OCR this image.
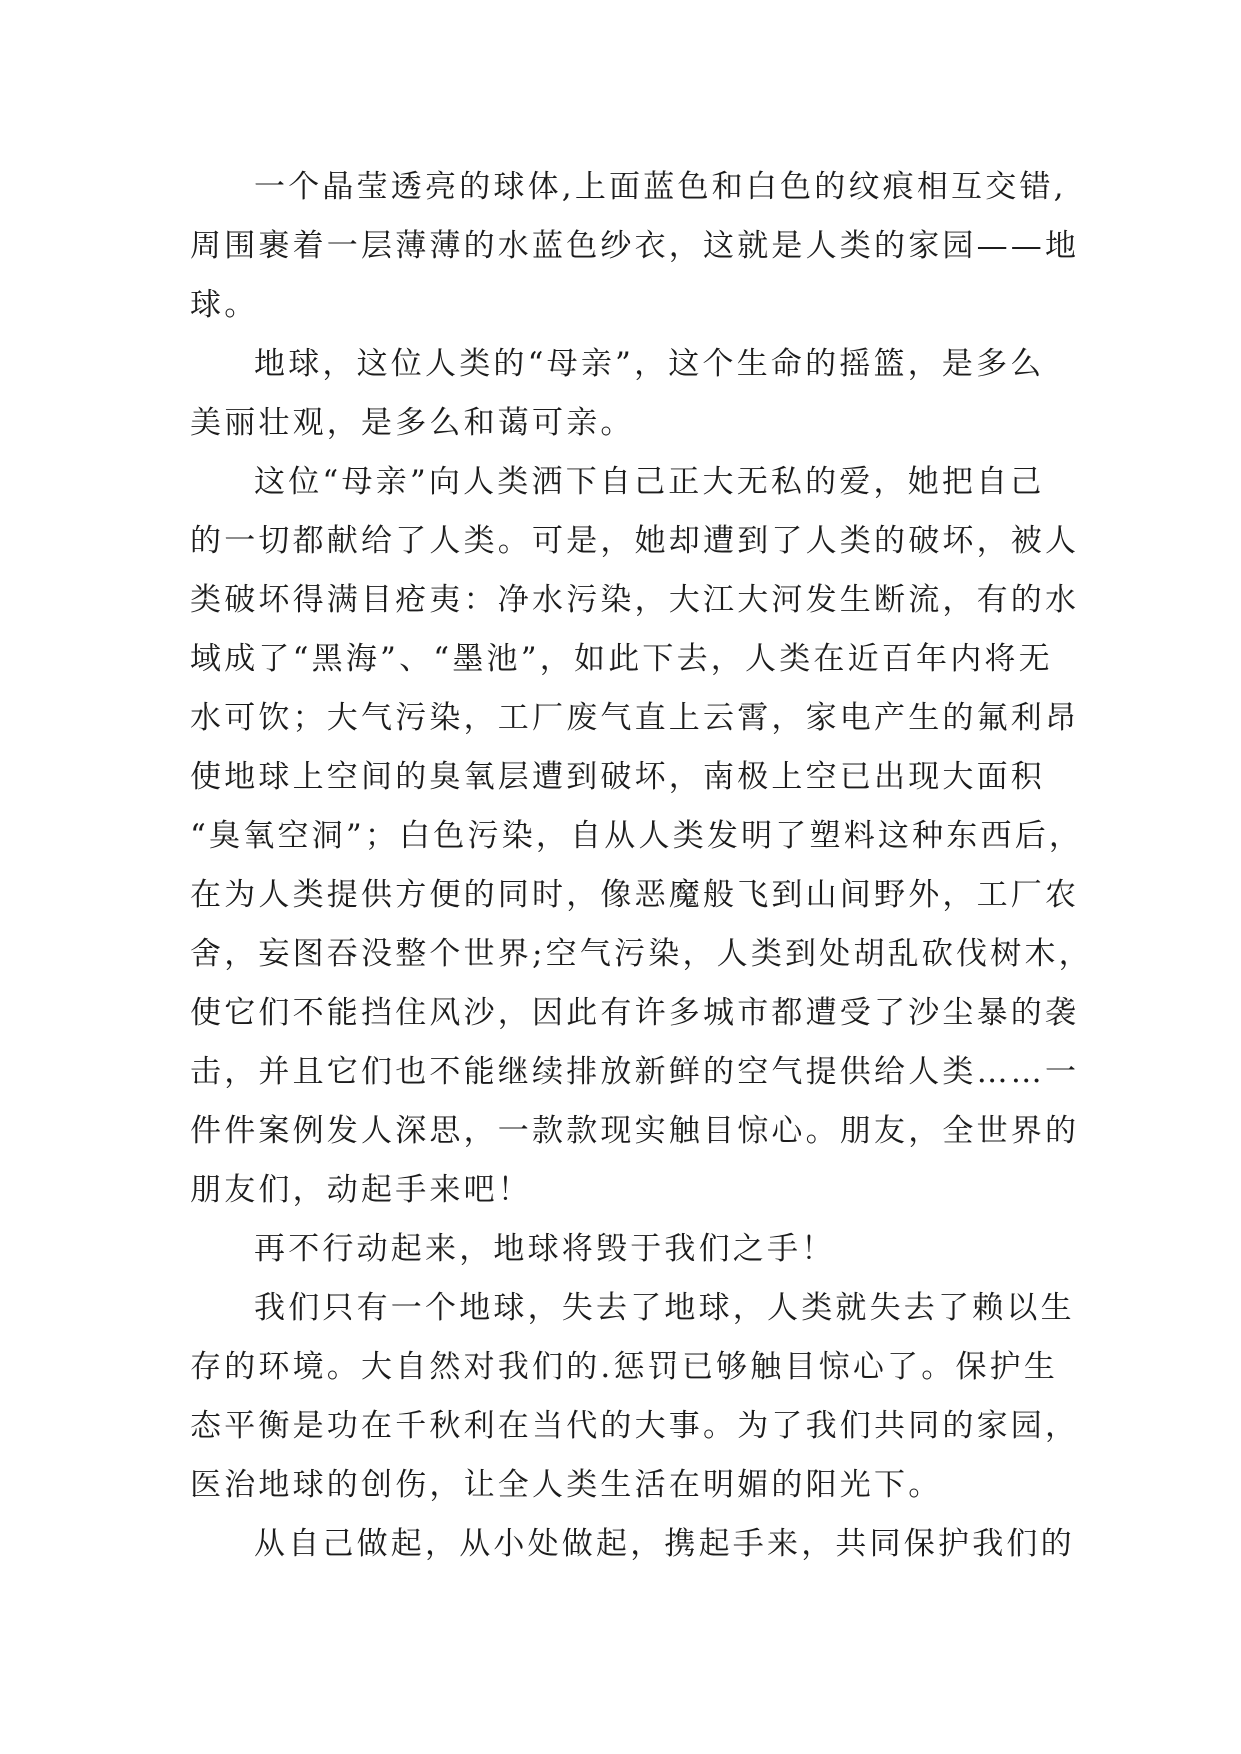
一个晶莹透亮的球体,上面蓝色和白色的纹痕相互交错,
周围裹着一层薄薄的水蓝色纱衣，这就是人类的家园——地
球。
地球，这位人类的“母亲”，这个生命的摇篮，是多么
美丽壮观，是多么和蔼可亲。
这位“母亲”向人类洒下自己正大无私的爱，她把自己
的一切都献给了人类。可是，她却遭到了人类的破坏，被人
类破坏得满目疮夷：净水污染，大江大河发生断流，有的水
域成了“黑海”、“墨池”，如此下去，人类在近百年内将无
水可饮；大气污染，工厂废气直上云霄，家电产生的氟利昂
使地球上空间的臭氧层遭到破坏，南极上空已出现大面积
“臭氧空洞”；白色污染，自从人类发明了塑料这种东西后，
在为人类提供方便的同时，像恶魔般飞到山间野外，工厂农
舍，妄图吞没整个世界;空气污染，人类到处胡乱砍伐树木，
使它们不能挡住风沙，因此有许多城市都遭受了沙尘暴的袭
击，并且它们也不能继续排放新鲜的空气提供给人类……一
件件案例发人深思，一款款现实触目惊心。朋友，全世界的
朋友们，动起手来吧！
再不行动起来，地球将毁于我们之手！
我们只有一个地球，失去了地球，人类就失去了赖以生
存的环境。大自然对我们的.惩罚已够触目惊心了。保护生
态平衡是功在千秋利在当代的大事。为了我们共同的家园，
医治地球的创伤，让全人类生活在明媚的阳光下。
从自己做起，从小处做起，携起手来，共同保护我们的
